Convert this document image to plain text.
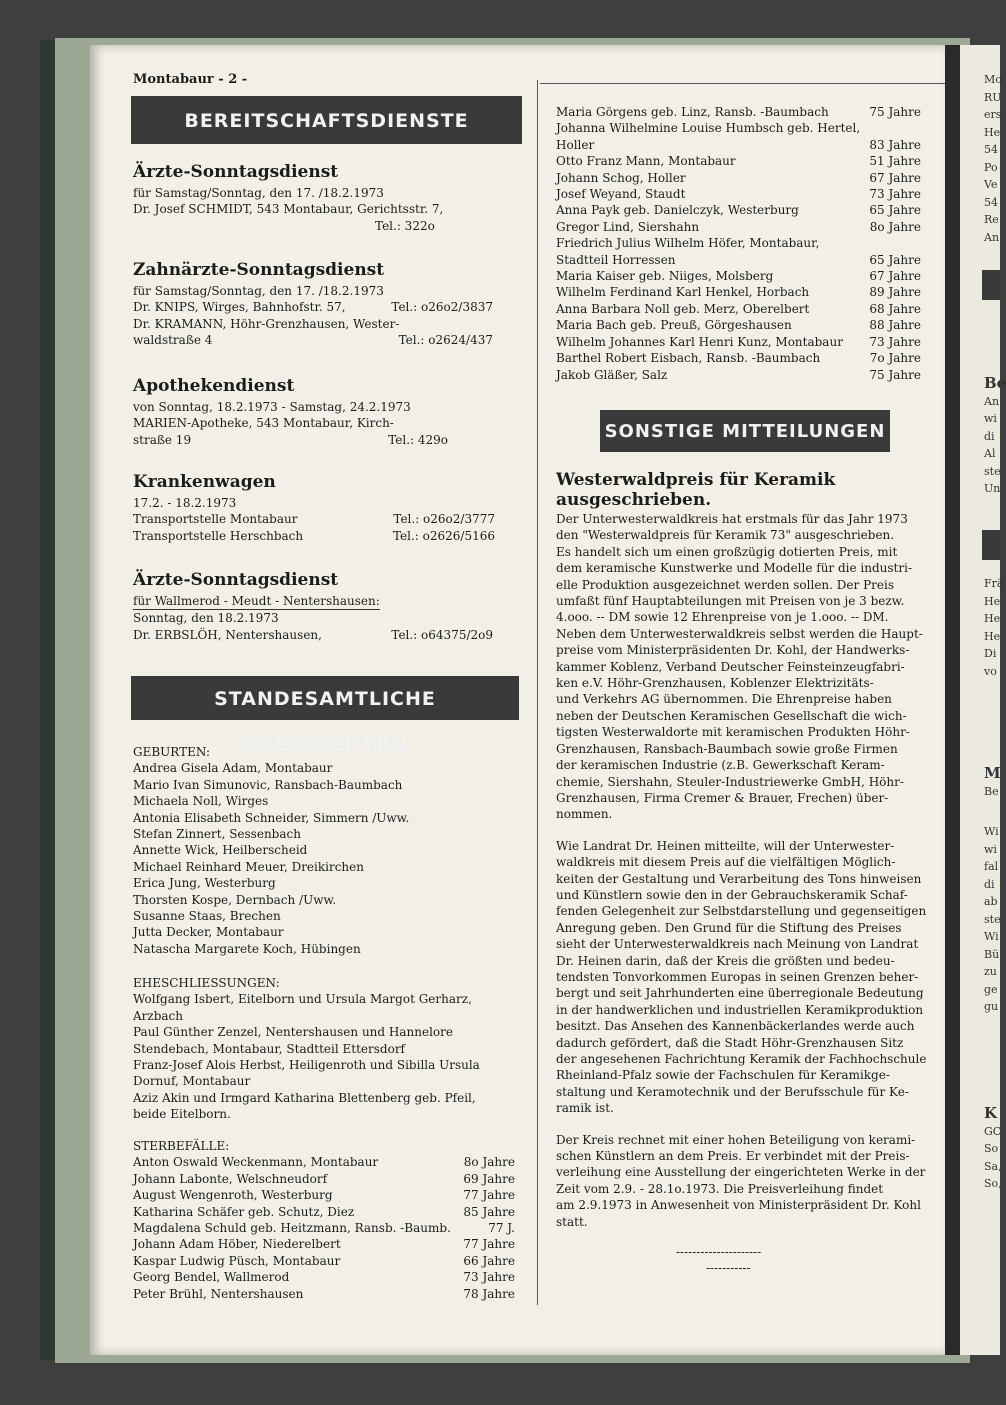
Mo
RU
ers
He
54
Po
Ve
54
Re
An
Be
An
wi
di
Al
ste
Un
Frä
He
He
He
Di
vo
M
Be
Wi
wi
fal
di
ab
ste
Wi
Bü
zu
ge
gu
K
GC
So
Sa,
So,
Montabaur - 2 -
BEREITSCHAFTSDIENSTE
Ärzte-Sonntagsdienst
für Samstag/Sonntag, den 17. /18.2.1973
Dr. Josef SCHMIDT, 543 Montabaur, Gerichtsstr. 7,
Tel.: 322o
Zahnärzte-Sonntagsdienst
für Samstag/Sonntag, den 17. /18.2.1973
Dr. KNIPS, Wirges, Bahnhofstr. 57,	Tel.: o26o2/3837
Dr. KRAMANN, Höhr-Grenzhausen, Wester-
waldstraße 4	Tel.: o2624/437
Apothekendienst
von Sonntag, 18.2.1973 - Samstag, 24.2.1973
MARIEN-Apotheke, 543 Montabaur, Kirch-
straße 19	Tel.: 429o
Krankenwagen
17.2. - 18.2.1973
Transportstelle Montabaur	Tel.: o26o2/3777
Transportstelle Herschbach	Tel.: o2626/5166
Ärzte-Sonntagsdienst
für Wallmerod - Meudt - Nentershausen:
Sonntag, den 18.2.1973
Dr. ERBSLÖH, Nentershausen,	Tel.: o64375/2o9
STANDESAMTLICHE NACHRICHTEN
GEBURTEN:
Andrea Gisela Adam, Montabaur
Mario Ivan Simunovic, Ransbach-Baumbach
Michaela Noll, Wirges
Antonia Elisabeth Schneider, Simmern /Uww.
Stefan Zinnert, Sessenbach
Annette Wick, Heilberscheid
Michael Reinhard Meuer, Dreikirchen
Erica Jung, Westerburg
Thorsten Kospe, Dernbach /Uww.
Susanne Staas, Brechen
Jutta Decker, Montabaur
Natascha Margarete Koch, Hübingen
EHESCHLIESSUNGEN:
Wolfgang Isbert, Eitelborn und Ursula Margot Gerharz,
Arzbach
Paul Günther Zenzel, Nentershausen und Hannelore
Stendebach, Montabaur, Stadtteil Ettersdorf
Franz-Josef Alois Herbst, Heiligenroth und Sibilla Ursula
Dornuf, Montabaur
Aziz Akin und Irmgard Katharina Blettenberg geb. Pfeil,
beide Eitelborn.
STERBEFÄLLE:
Anton Oswald Weckenmann, Montabaur	8o Jahre
Johann Labonte, Welschneudorf	69 Jahre
August Wengenroth, Westerburg	77 Jahre
Katharina Schäfer geb. Schutz, Diez	85 Jahre
Magdalena Schuld geb. Heitzmann, Ransb. -Baumb.	77 J.
Johann Adam Höber, Niederelbert	77 Jahre
Kaspar Ludwig Püsch, Montabaur	66 Jahre
Georg Bendel, Wallmerod	73 Jahre
Peter Brühl, Nentershausen	78 Jahre
Maria Görgens geb. Linz, Ransb. -Baumbach	75 Jahre
Johanna Wilhelmine Louise Humbsch geb. Hertel,
Holler	83 Jahre
Otto Franz Mann, Montabaur	51 Jahre
Johann Schog, Holler	67 Jahre
Josef Weyand, Staudt	73 Jahre
Anna Payk geb. Danielczyk, Westerburg	65 Jahre
Gregor Lind, Siershahn	8o Jahre
Friedrich Julius Wilhelm Höfer, Montabaur,
Stadtteil Horressen	65 Jahre
Maria Kaiser geb. Niiges, Molsberg	67 Jahre
Wilhelm Ferdinand Karl Henkel, Horbach	89 Jahre
Anna Barbara Noll geb. Merz, Oberelbert	68 Jahre
Maria Bach geb. Preuß, Görgeshausen	88 Jahre
Wilhelm Johannes Karl Henri Kunz, Montabaur 73 Jahre
Barthel Robert Eisbach, Ransb. -Baumbach	7o Jahre
Jakob Gläßer, Salz	75 Jahre
SONSTIGE MITTEILUNGEN
Westerwaldpreis für Keramik
ausgeschrieben.
Der Unterwesterwaldkreis hat erstmals für das Jahr 1973
den "Westerwaldpreis für Keramik 73" ausgeschrieben.
Es handelt sich um einen großzügig dotierten Preis, mit
dem keramische Kunstwerke und Modelle für die industri-
elle Produktion ausgezeichnet werden sollen. Der Preis
umfaßt fünf Hauptabteilungen mit Preisen von je 3 bezw.
4.ooo. -- DM sowie 12 Ehrenpreise von je 1.ooo. -- DM.
Neben dem Unterwesterwaldkreis selbst werden die Haupt-
preise vom Ministerpräsidenten Dr. Kohl, der Handwerks-
kammer Koblenz, Verband Deutscher Feinsteinzeugfabri-
ken e.V. Höhr-Grenzhausen, Koblenzer Elektrizitäts-
und Verkehrs AG übernommen. Die Ehrenpreise haben
neben der Deutschen Keramischen Gesellschaft die wich-
tigsten Westerwaldorte mit keramischen Produkten Höhr-
Grenzhausen, Ransbach-Baumbach sowie große Firmen
der keramischen Industrie (z.B. Gewerkschaft Keram-
chemie, Siershahn, Steuler-Industriewerke GmbH, Höhr-
Grenzhausen, Firma Cremer & Brauer, Frechen) über-
nommen.
Wie Landrat Dr. Heinen mitteilte, will der Unterwester-
waldkreis mit diesem Preis auf die vielfältigen Möglich-
keiten der Gestaltung und Verarbeitung des Tons hinweisen
und Künstlern sowie den in der Gebrauchskeramik Schaf-
fenden Gelegenheit zur Selbstdarstellung und gegenseitigen
Anregung geben. Den Grund für die Stiftung des Preises
sieht der Unterwesterwaldkreis nach Meinung von Landrat
Dr. Heinen darin, daß der Kreis die größten und bedeu-
tendsten Tonvorkommen Europas in seinen Grenzen beher-
bergt und seit Jahrhunderten eine überregionale Bedeutung
in der handwerklichen und industriellen Keramikproduktion
besitzt. Das Ansehen des Kannenbäckerlandes werde auch
dadurch gefördert, daß die Stadt Höhr-Grenzhausen Sitz
der angesehenen Fachrichtung Keramik der Fachhochschule
Rheinland-Pfalz sowie der Fachschulen für Keramikge-
staltung und Keramotechnik und der Berufsschule für Ke-
ramik ist.
Der Kreis rechnet mit einer hohen Beteiligung von kerami-
schen Künstlern an dem Preis. Er verbindet mit der Preis-
verleihung eine Ausstellung der eingerichteten Werke in der
Zeit vom 2.9. - 28.1o.1973. Die Preisverleihung findet
am 2.9.1973 in Anwesenheit von Ministerpräsident Dr. Kohl
statt.
---------------------
-----------
